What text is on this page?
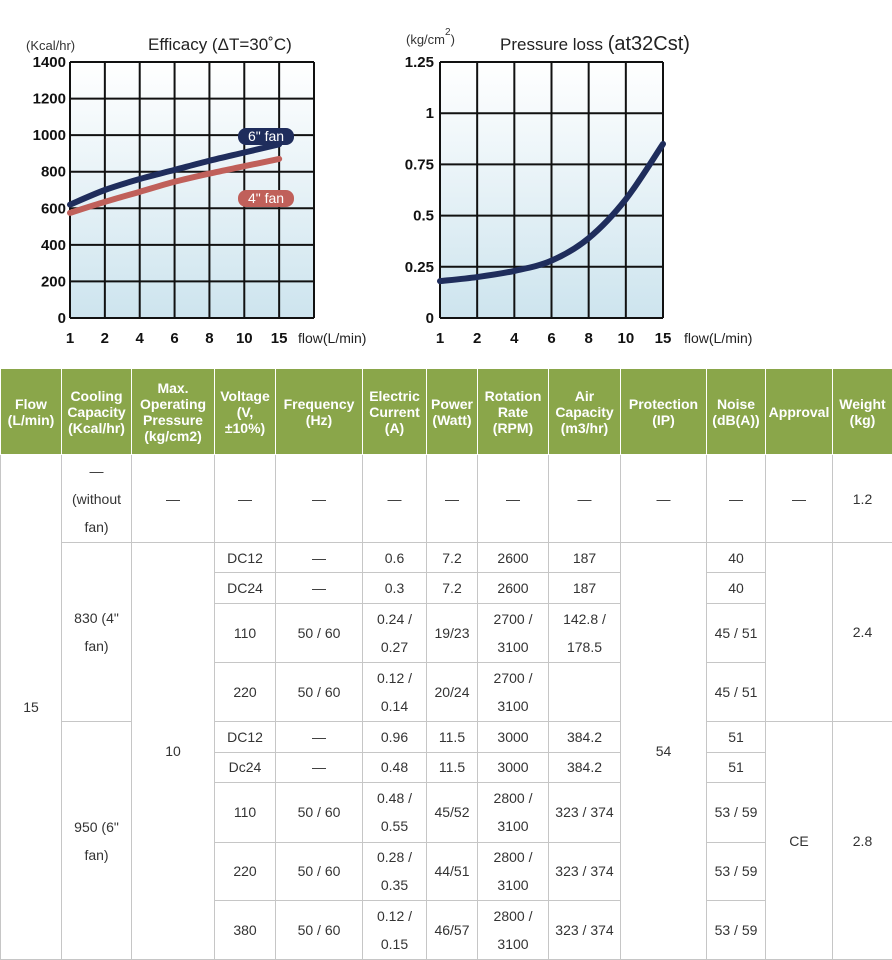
Efficacy (ΔT=30˚C)
(Kcal/hr)
0
200
400
600
800
1000
1200
1400
1 2 4 6 8 10 15 flow(L/min)
6" fan
4" fan
Pressure loss (at32Cst)
$(kg/cm^2)$
0
0.25
0.5
0.75
1
1.25
1 2 4 6 8 10 15 flow(L/min)
Flow (L/min)	Cooling Capacity (Kcal/hr)	Max. Operating Pressure (kg/cm2)	Voltage (V, ±10%)	Frequency (Hz)	Electric Current (A)	Power (Watt)	Rotation Rate (RPM)	Air Capacity (m3/hr)	Protection (IP)	Noise (dB(A))	Approval	Weight (kg)
15	— (without fan)	—	—	—	—	—	—	—	—	—	—	1.2
	830 (4" fan)	10	DC12	—	0.6	7.2	2600	187	54	40		2.4
			DC24	—	0.3	7.2	2600	187		40		
			110	50 / 60	0.24 / 0.27	19/23	2700 / 3100	142.8 / 178.5		45 / 51		
			220	50 / 60	0.12 / 0.14	20/24	2700 / 3100			45 / 51		
	950 (6" fan)		DC12	—	0.96	11.5	3000	384.2		51	CE	2.8
			Dc24	—	0.48	11.5	3000	384.2		51		
			110	50 / 60	0.48 / 0.55	45/52	2800 / 3100	323 / 374		53 / 59		
			220	50 / 60	0.28 / 0.35	44/51	2800 / 3100	323 / 374		53 / 59		
			380	50 / 60	0.12 / 0.15	46/57	2800 / 3100	323 / 374		53 / 59		
